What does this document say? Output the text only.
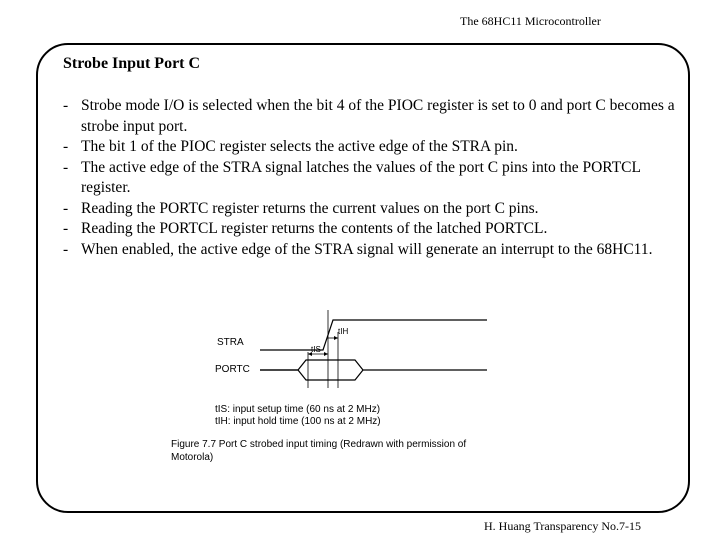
The 68HC11 Microcontroller
Strobe Input Port C
- Strobe mode I/O is selected when the bit 4 of the PIOC register is set to 0 and port C becomes a strobe input port.
- The bit 1 of the PIOC register selects the active edge of the STRA pin.
- The active edge of the STRA signal latches the values of the port C pins into the PORTCL register.
- Reading the PORTC register returns the current values on the port C pins.
- Reading the PORTCL register returns the contents of the latched PORTCL.
- When enabled, the active edge of the STRA signal will generate an interrupt to the 68HC11.
STRA
PORTC
tIS
tIH
tIS: input setup time (60 ns at 2 MHz)
tIH: input hold time (100 ns at 2 MHz)
Figure 7.7 Port C strobed input timing (Redrawn with permission of
Motorola)
H. Huang Transparency No.7-15
